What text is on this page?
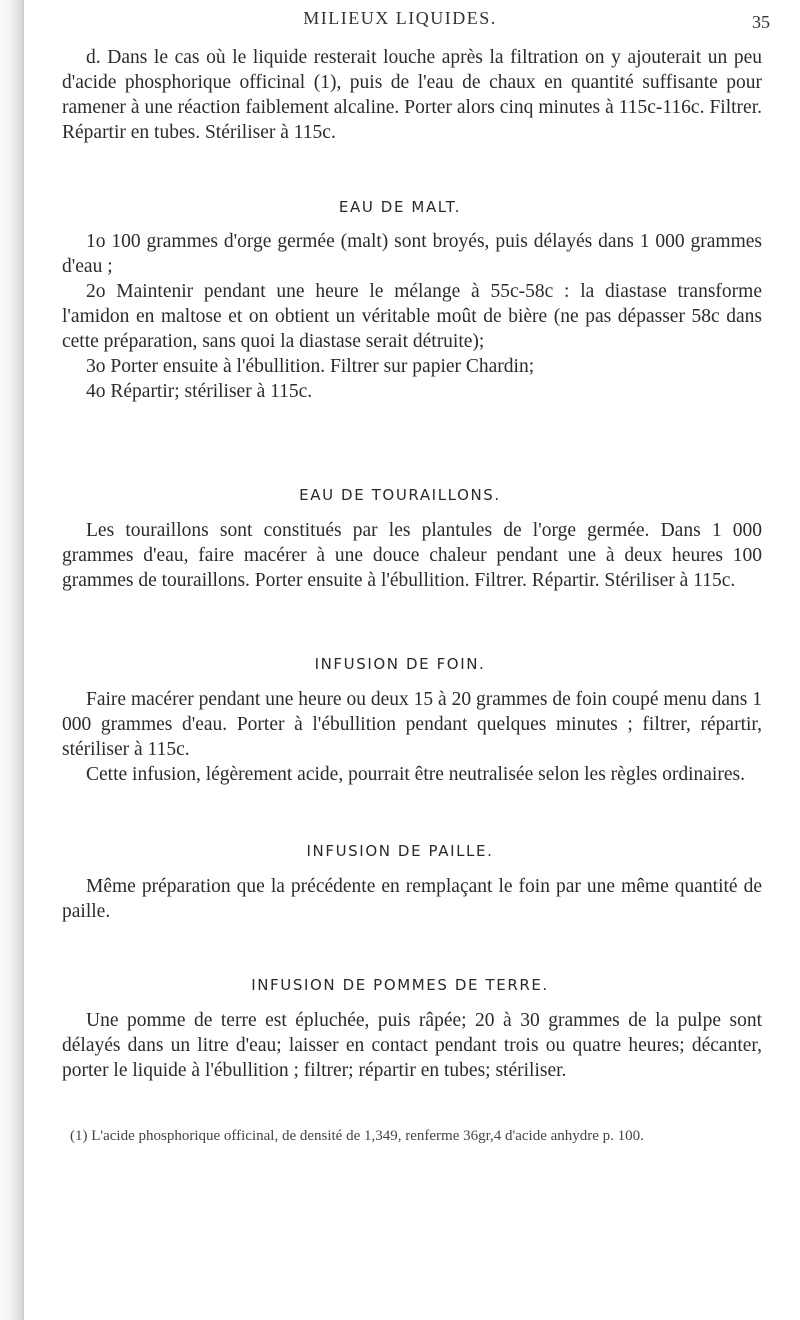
MILIEUX LIQUIDES.	35

d. Dans le cas où le liquide resterait louche après la filtration on y ajouterait un peu d'acide phosphorique officinal (1), puis de l'eau de chaux en quantité suffisante pour ramener à une réaction faiblement alcaline. Porter alors cinq minutes à 115c-116c. Filtrer. Répartir en tubes. Stériliser à 115c.

EAU DE MALT.

1o 100 grammes d'orge germée (malt) sont broyés, puis délayés dans 1 000 grammes d'eau ;

2o Maintenir pendant une heure le mélange à 55c-58c : la diastase transforme l'amidon en maltose et on obtient un véritable moût de bière (ne pas dépasser 58c dans cette préparation, sans quoi la diastase serait détruite);

3o Porter ensuite à l'ébullition. Filtrer sur papier Chardin;

4o Répartir; stériliser à 115c.

EAU DE TOURAILLONS.

Les touraillons sont constitués par les plantules de l'orge germée. Dans 1 000 grammes d'eau, faire macérer à une douce chaleur pendant une à deux heures 100 grammes de touraillons. Porter ensuite à l'ébullition. Filtrer. Répartir. Stériliser à 115c.

INFUSION DE FOIN.

Faire macérer pendant une heure ou deux 15 à 20 grammes de foin coupé menu dans 1 000 grammes d'eau. Porter à l'ébullition pendant quelques minutes ; filtrer, répartir, stériliser à 115c.

Cette infusion, légèrement acide, pourrait être neutralisée selon les règles ordinaires.

INFUSION DE PAILLE.

Même préparation que la précédente en remplaçant le foin par une même quantité de paille.

INFUSION DE POMMES DE TERRE.

Une pomme de terre est épluchée, puis râpée; 20 à 30 grammes de la pulpe sont délayés dans un litre d'eau; laisser en contact pendant trois ou quatre heures; décanter, porter le liquide à l'ébullition ; filtrer; répartir en tubes; stériliser.

(1) L'acide phosphorique officinal, de densité de 1,349, renferme 36gr,4 d'acide anhydre p. 100.
